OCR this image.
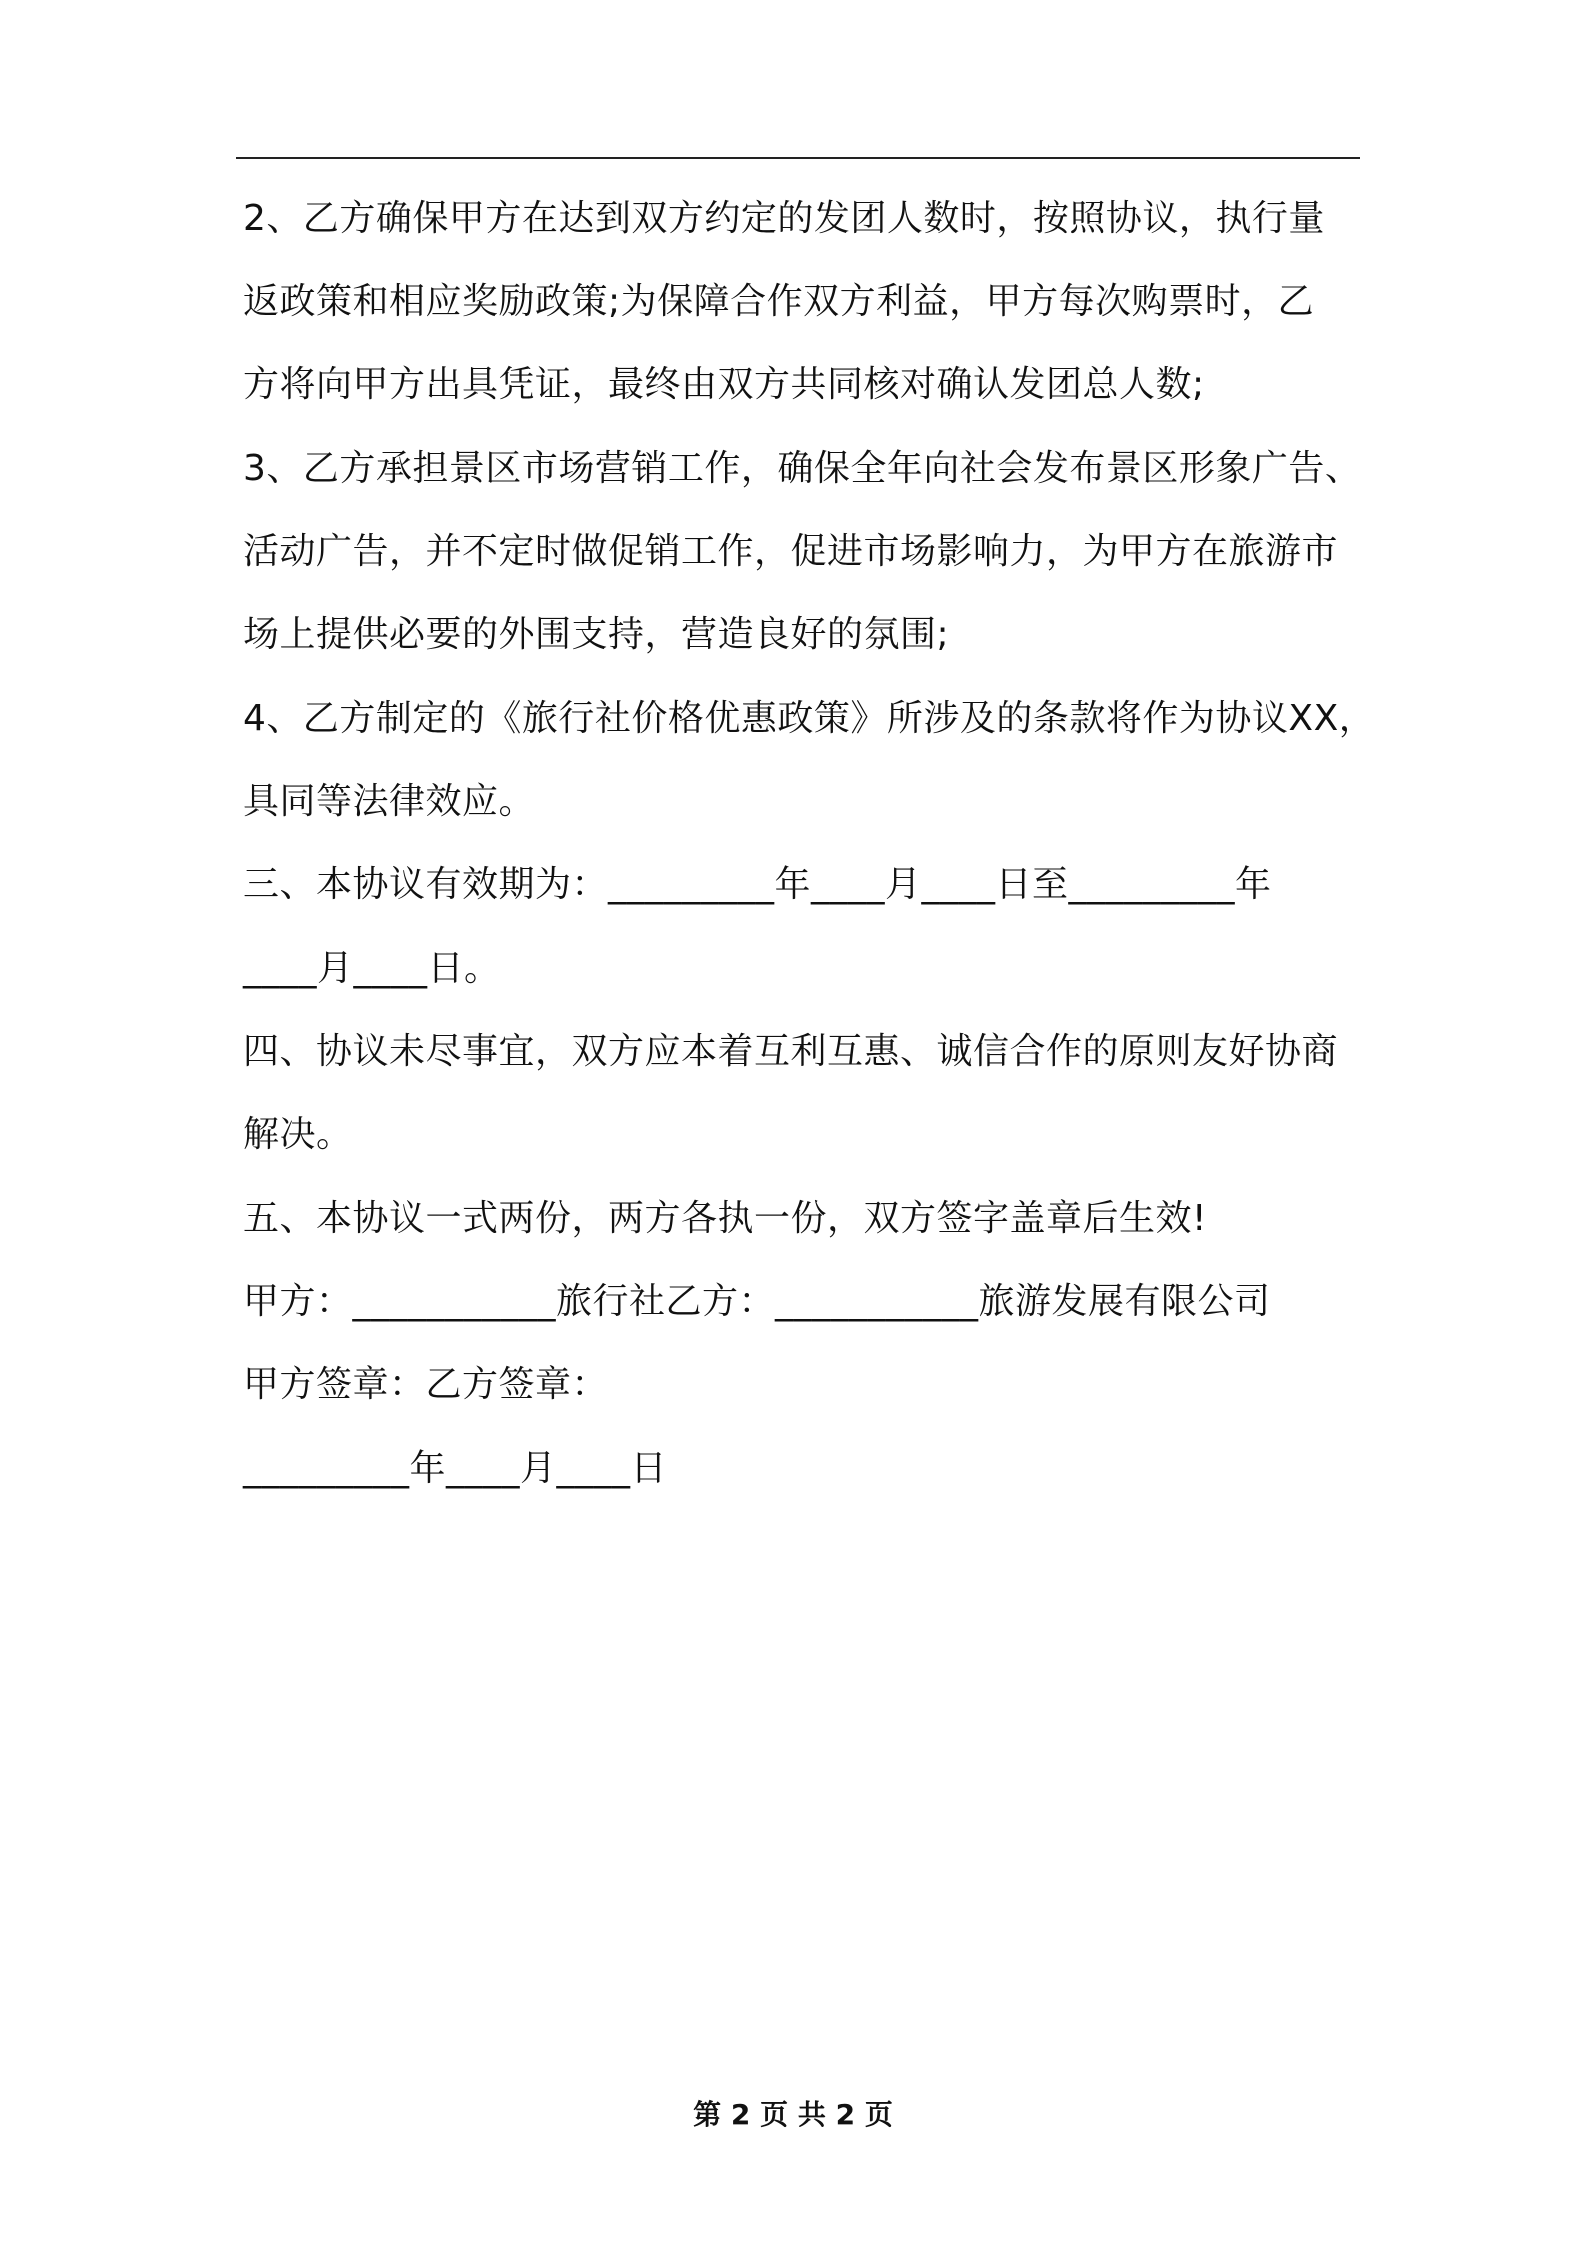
2、乙方确保甲方在达到双方约定的发团人数时，按照协议，执行量
返政策和相应奖励政策;为保障合作双方利益，甲方每次购票时，乙
方将向甲方出具凭证，最终由双方共同核对确认发团总人数;
3、乙方承担景区市场营销工作，确保全年向社会发布景区形象广告、
活动广告，并不定时做促销工作，促进市场影响力，为甲方在旅游市
场上提供必要的外围支持，营造良好的氛围;
4、乙方制定的《旅行社价格优惠政策》所涉及的条款将作为协议XX，
具同等法律效应。
三、本协议有效期为：_________年____月____日至_________年
____月____日。
四、协议未尽事宜，双方应本着互利互惠、诚信合作的原则友好协商
解决。
五、本协议一式两份，两方各执一份，双方签字盖章后生效!
甲方：___________旅行社乙方：___________旅游发展有限公司
甲方签章：乙方签章：
_________年____月____日
第 2 页 共 2 页
